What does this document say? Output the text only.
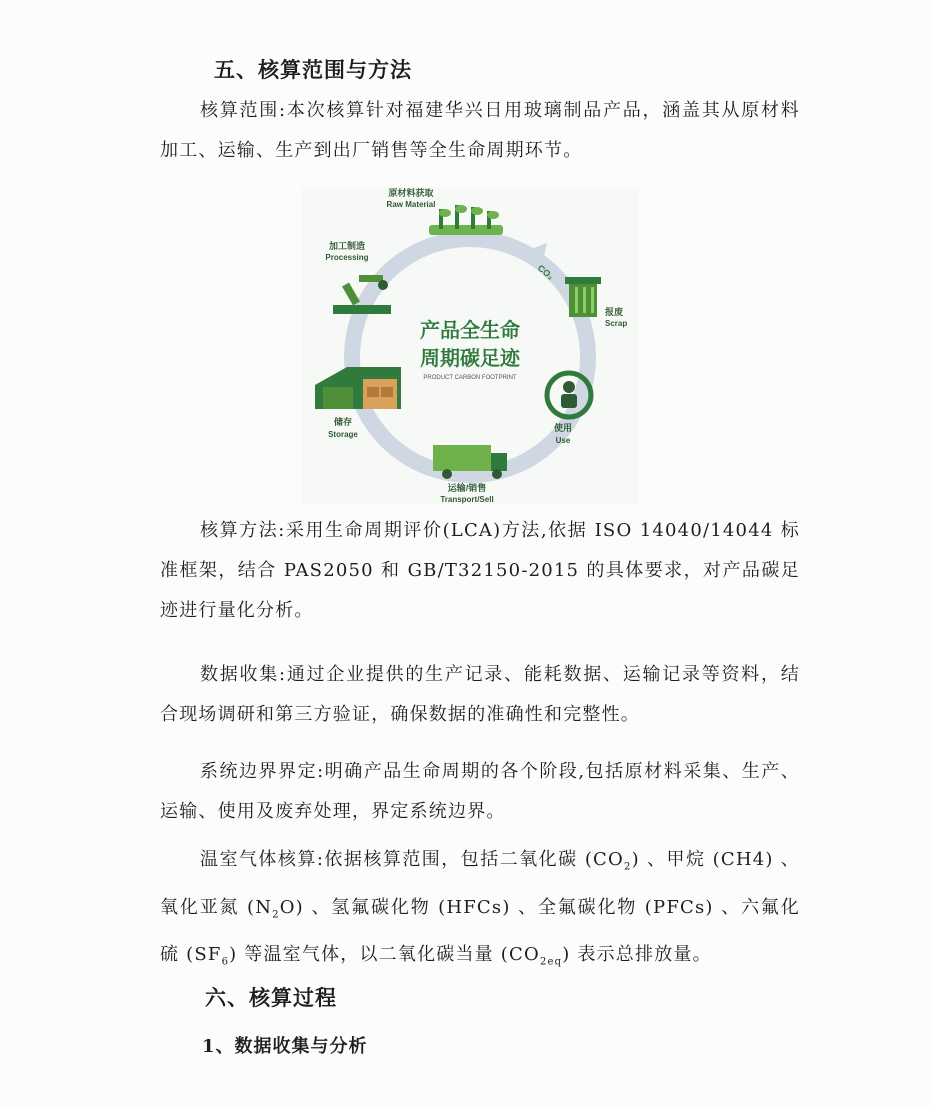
五、核算范围与方法
核算范围:本次核算针对福建华兴日用玻璃制品产品，涵盖其从原材料加工、运输、生产到出厂销售等全生命周期环节。
产品全生命
周期碳足迹
PRODUCT CARBON FOOTPRINT
CO₂
原材料获取
Raw Material
报废
Scrap
使用
Use
运输/销售
Transport/Sell
储存
Storage
加工制造
Processing
核算方法:采用生命周期评价(LCA)方法,依据 ISO 14040/14044 标准框架，结合 PAS2050 和 GB/T32150-2015 的具体要求，对产品碳足迹进行量化分析。
数据收集:通过企业提供的生产记录、能耗数据、运输记录等资料，结合现场调研和第三方验证，确保数据的准确性和完整性。
系统边界界定:明确产品生命周期的各个阶段,包括原材料采集、生产、运输、使用及废弃处理，界定系统边界。
温室气体核算:依据核算范围，包括二氧化碳 $(CO_2)$ 、甲烷 (CH4) 、氧化亚氮 $(N_2O)$ 、氢氟碳化物 (HFCs) 、全氟碳化物 (PFCs) 、六氟化硫 $(SF_6)$ 等温室气体，以二氧化碳当量 $(CO_{2eq})$ 表示总排放量。
六、核算过程
1、数据收集与分析
